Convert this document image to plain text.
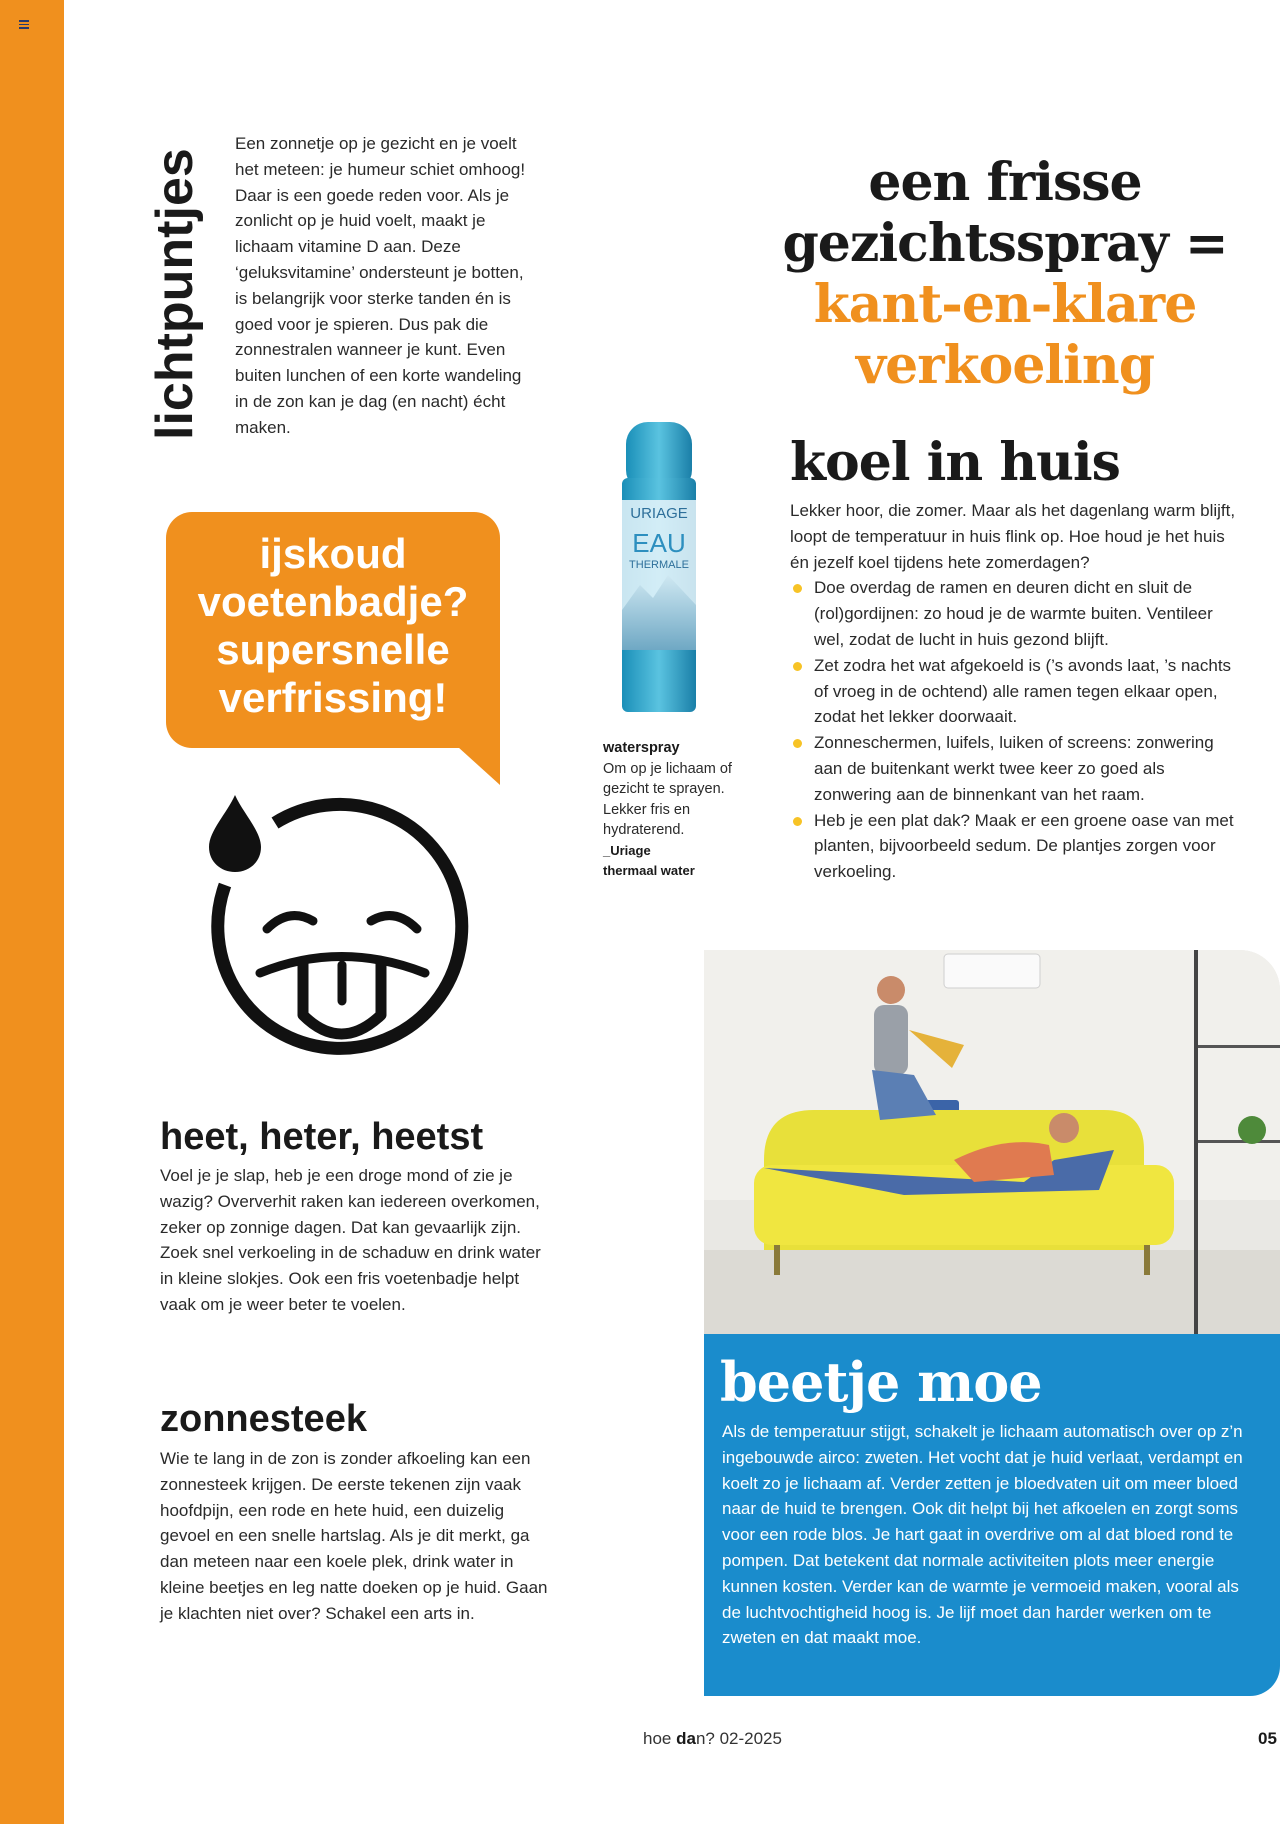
lichtpuntjes
Een zonnetje op je gezicht en je voelt het meteen: je humeur schiet omhoog! Daar is een goede reden voor. Als je zonlicht op je huid voelt, maakt je lichaam vitamine D aan. Deze ‘geluksvitamine’ ondersteunt je botten, is belangrijk voor sterke tanden én is goed voor je spieren. Dus pak die zonnestralen wanneer je kunt. Even buiten lunchen of een korte wandeling in de zon kan je dag (en nacht) écht maken.
ijskoud
voetenbadje?
supersnelle
verfrissing!
een frisse
gezichtsspray =
kant-en-klare
verkoeling
URIAGE
EAU
THERMALE
waterspray
Om op je lichaam of gezicht te sprayen. Lekker fris en hydraterend.
_Uriage
thermaal water
koel in huis
Lekker hoor, die zomer. Maar als het dagenlang warm blijft, loopt de temperatuur in huis flink op. Hoe houd je het huis én jezelf koel tijdens hete zomerdagen?
Doe overdag de ramen en deuren dicht en sluit de (rol)gordijnen: zo houd je de warmte buiten. Ventileer wel, zodat de lucht in huis gezond blijft.
Zet zodra het wat afgekoeld is (’s avonds laat, ’s nachts of vroeg in de ochtend) alle ramen tegen elkaar open, zodat het lekker doorwaait.
Zonneschermen, luifels, luiken of screens: zonwering aan de buitenkant werkt twee keer zo goed als zonwering aan de binnenkant van het raam.
Heb je een plat dak? Maak er een groene oase van met planten, bijvoorbeeld sedum. De plantjes zorgen voor verkoeling.
beetje moe
Als de temperatuur stijgt, schakelt je lichaam automatisch over op z’n ingebouwde airco: zweten. Het vocht dat je huid verlaat, verdampt en koelt zo je lichaam af. Verder zetten je bloedvaten uit om meer bloed naar de huid te brengen. Ook dit helpt bij het afkoelen en zorgt soms voor een rode blos. Je hart gaat in overdrive om al dat bloed rond te pompen. Dat betekent dat normale activiteiten plots meer energie kunnen kosten. Verder kan de warmte je vermoeid maken, vooral als de luchtvochtigheid hoog is. Je lijf moet dan harder werken om te zweten en dat maakt moe.
heet, heter, heetst
Voel je je slap, heb je een droge mond of zie je wazig? Oververhit raken kan iedereen overkomen, zeker op zonnige dagen. Dat kan gevaarlijk zijn. Zoek snel verkoeling in de schaduw en drink water in kleine slokjes. Ook een fris voetenbadje helpt vaak om je weer beter te voelen.
zonnesteek
Wie te lang in de zon is zonder afkoeling kan een zonnesteek krijgen. De eerste tekenen zijn vaak hoofdpijn, een rode en hete huid, een duizelig gevoel en een snelle hartslag. Als je dit merkt, ga dan meteen naar een koele plek, drink water in kleine beetjes en leg natte doeken op je huid. Gaan je klachten niet over? Schakel een arts in.
hoe dan? 02-2025	05
